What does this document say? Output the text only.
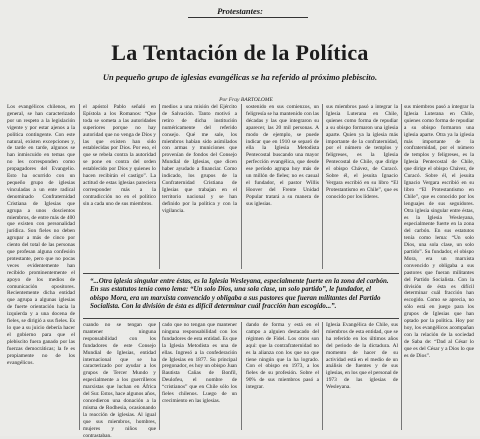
Protestantes:
La Tentación de la Política
Un pequeño grupo de iglesias evangélicas se ha referido al próximo plebiscito.
Por Fray BARTOLOME
Los evangélicos chilenos, en general, se han caracterizado por un respeto a la legislación vigente y por estar ajenos a la política contingente. Con este natural, existen excepciones y, de tarde en tarde, algunos se han inmiscuido en temas que no les corresponden como propagadores del Evangelio. Esto ha ocurrido con un pequeño grupo de iglesias vinculadas a un ente radical denominado Confraternidad Cristiana de Iglesias que agrupa a unos doscientos miembros, de entre más de 400 que existen con personalidad jurídica. Son fieles no deben agrupar a más de cinco por ciento del total de las personas que profesan alguna confesión protestante, pero que no pocas veces evidentemente han recibido prominentemente el apoyo de los medios de comunicación opositores. Recientemente dicha entidad que agrupa a algunas iglesias de fuerte orientación hacia la izquierda y a una docena de fieles, se dirigió a sus fieles. Es lo que a su juicio debería hacer el gobierno para que el plebiscito fuera ganado por las fuerzas democráticas; la fe es propiamente no de los evangélicos.
el apóstol Pablo señaló en Epístola a los Romanos: “Que toda se someta a las autoridades superiores porque no hay autoridad que no venga de Dios y las que existen han sido establecidas por Dios. Por eso, el que se rebela contra la autoridad se pone en contra del orden establecido por Dios y quienes lo hacen recibirán el castigo”. La actitud de estas iglesias pareciera corresponder más a la contradicción no en el político sin a cada uno de sus miembros.
medios a una misión del Ejército de Salvación. Tanto motivó a retiro de dicha institución numéricamente del referido consejo. Qué me sale, los miembros habían sido asimilados con armas y municiones que provenían de fondos del Consejo Mundial de Iglesias, que dicen haber ayudado a financiar. Como indicado, los grupos de la Confraternidad Cristiana de Iglesias que trabajan en el territorio nacional y se han definido por la política y con la vigilancia.
sostenido en sus comienzos, un feligresía se ha mantenido con las décadas y las que integraron su aparecer, las 20 mil personas. A modo de ejemplo, se puede indicar que en 1910 se separó de ella la Iglesia Metodista Pentecostal buscando una mayor perfección evangélica, que desde ese período agrupa hoy más de un millón de fieles; no es casual el fundador, el pastor Willis Hoover del Frente Unidad Popular tratará a su manera de sus iglesias.
sus miembros pasó a integrar la Iglesia Luterana en Chile, quienes como forma de repudiar a su obispo formaron una iglesia aparte. Quien ya la iglesia más importante de la confraternidad, por el número de templos y feligreses, es la Iglesia Pentecostal de Chile, que dirige el obispo Chávez, de Curacó. Sobre él, el jesuita Ignacio Vergara escribió en su libro “El Protestantismo en Chile”, que es conocido por los líderes.
sus miembros pasó a integrar la Iglesia Luterana en Chile, quienes como forma de repudiar a su obispo formaron una iglesia aparte. Otra ya la iglesia más importante de la confraternidad, por el número de templos y feligreses, es la Iglesia Pentecostal de Chile, que dirige el obispo Chávez, de Curacó. Sobre él, el jesuita Ignacio Vergara escribió en su libro “El Protestantismo en Chile”, que es conocido por los lenguajes de sus seguidores. Otra iglesia singular entre éstas, es la Iglesia Wesleyana, especialmente fuerte en la zona del carbón. En sus estatutos tenía como lema: “Un solo Dios, una sola clase, un solo partido”. Su fundador, el obispo Mora, era un marxista convencido y obligaba a sus pastores que fueran militantes del Partido Socialista. Con la división de ésta es difícil determinar cuál fracción han escogido. Como se aprecia, no sólo está en juego para los grupos de Iglesias que han optado por la política. Hoy por hoy, los evangélicos acompañan con la relación de la sociedad de Saba de: “Dad al César lo que es del César y a Dios lo que es de Dios”.
“...Otra iglesia singular entre éstas, es la Iglesia Wesleyana, especialmente fuerte en la zona del carbón. En sus estatutos tenía como lema: “Un solo Dios, una sola clase, un solo partido”, le fundador, el obispo Mora, era un marxista convencido y obligaba a sus pastores que fueran militantes del Partido Socialista. Con la división de ésta es difícil determinar cuál fracción han escogido...”.
cuando no se tengan que mantener ninguna responsabilidad con los fundadores de este Consejo Mundial de Iglesias, entidad internacional que se ha caracterizado por ayudar a los grupos de Tercer Mundo y especialmente a los guerrilleros marxistas que luchan en África del Sur. Estos, hace algunos años, concedieron una donación a la misma de Rodhesia, ocasionando la reacción de iglesias. Al igual que sus miembros, hombres, mujeres y niños que contrastaban.
cado que no tengan que mantener ninguna responsabilidad con los fundadores de esta entidad. Es que la Iglesia Metodista es una de ellas. Ingresó a la confederación de Iglesias en 1877. Su principal pregonador, es hoy un obispo Juan Bautista Cañas de Bonfil, Deulofeu, el nombre de “cristianos” que en Chile sólo los fieles chilenos. Luego de un crecimiento en las iglesias.
dando de forma y está en el campo a alguien destacado del régimen de Fidel. Los otros son aquí: que la contrafraternidad no es la alianza con los que no que tiene ningún que la ha logrado. Con el obispo en 1973, a los fieles de su profesión. Sobre el 90% de sus miembros pasó a integrar.
Iglesia Evangélica de Chile, sus miembros de esta entidad, que se ha referido en los últimos años del periodo de la dictadura. Al momento de hacer de su actividad está en el medio de un análisis de fuentes y de sus iglesias, en los que el personal de 1973 de las iglesias de Wesleyana.
